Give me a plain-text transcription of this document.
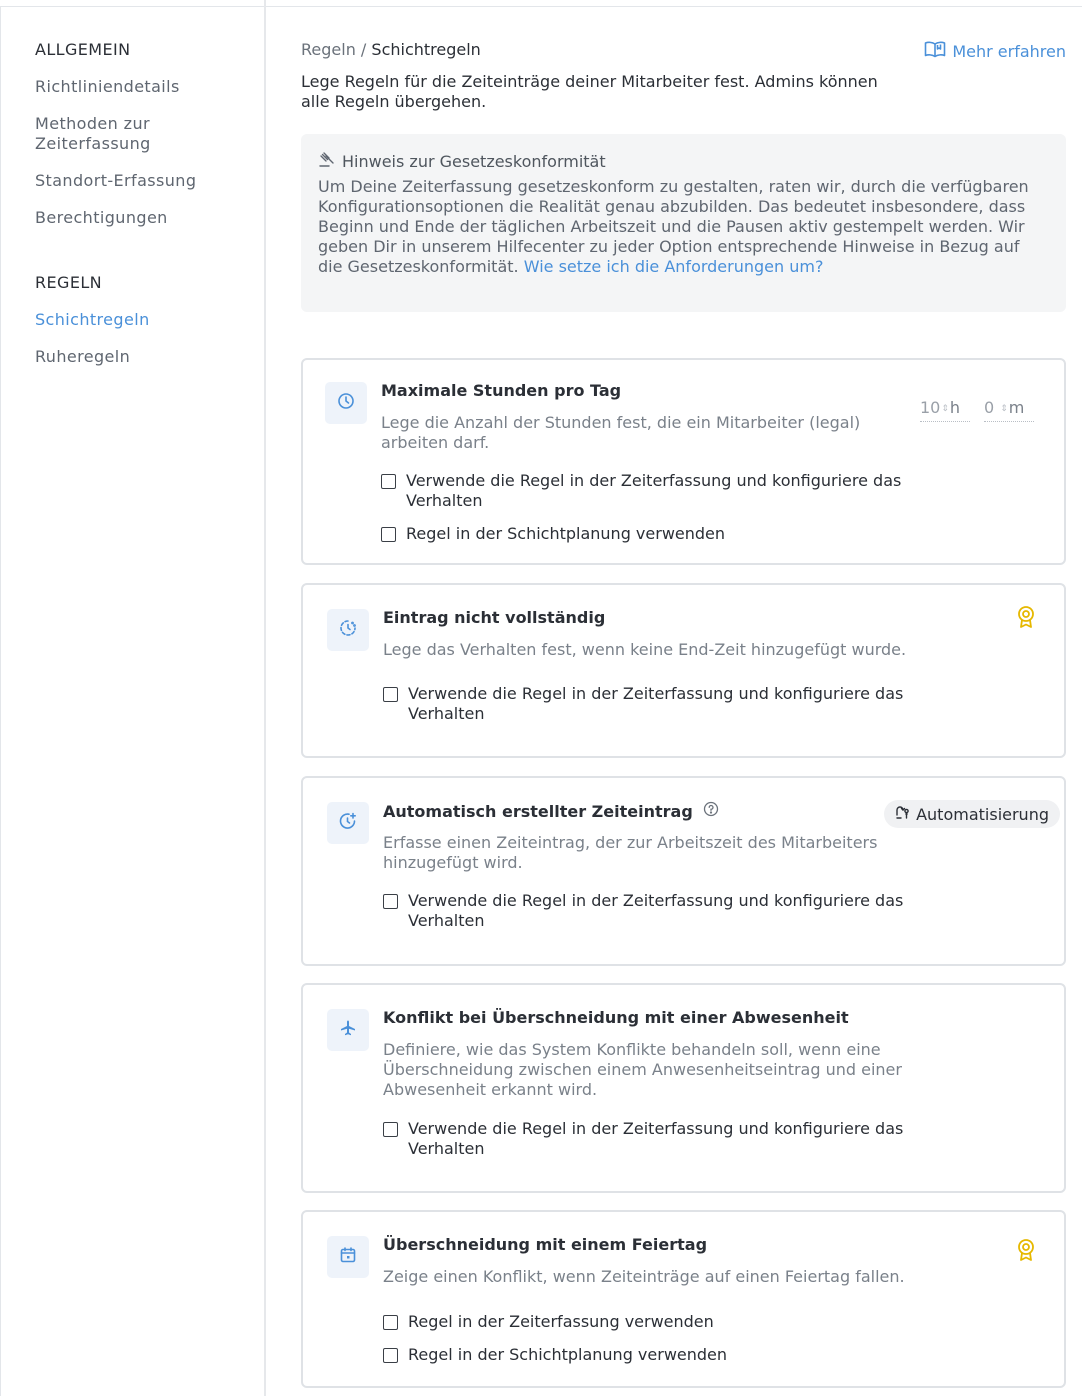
ALLGEMEIN
Richtliniendetails
Methoden zur Zeiterfassung
Standort-Erfassung
Berechtigungen
REGELN
Schichtregeln
Ruheregeln
Regeln / Schichtregeln	Mehr erfahren

Lege Regeln für die Zeiteinträge deiner Mitarbeiter fest. Admins können alle Regeln übergehen.

Hinweis zur Gesetzeskonformität

Um Deine Zeiterfassung gesetzeskonform zu gestalten, raten wir, durch die verfügbaren Konfigurationsoptionen die Realität genau abzubilden. Das bedeutet insbesondere, dass Beginn und Ende der täglichen Arbeitszeit und die Pausen aktiv gestempelt werden. Wir geben Dir in unserem Hilfecenter zu jeder Option entsprechende Hinweise in Bezug auf die Gesetzeskonformität. Wie setze ich die Anforderungen um?

Maximale Stunden pro Tag

Lege die Anzahl der Stunden fest, die ein Mitarbeiter (legal) arbeiten darf.

10 ⇕ h 0 ⇕ m
Verwende die Regel in der Zeiterfassung und konfiguriere das Verhalten
Regel in der Schichtplanung verwenden
Eintrag nicht vollständig

Lege das Verhalten fest, wenn keine End-Zeit hinzugefügt wurde.

Verwende die Regel in der Zeiterfassung und konfiguriere das Verhalten
Automatisch erstellter Zeiteintrag	Automatisierung

Erfasse einen Zeiteintrag, der zur Arbeitszeit des Mitarbeiters hinzugefügt wird.

Verwende die Regel in der Zeiterfassung und konfiguriere das Verhalten
Konflikt bei Überschneidung mit einer Abwesenheit

Definiere, wie das System Konflikte behandeln soll, wenn eine Überschneidung zwischen einem Anwesenheitseintrag und einer Abwesenheit erkannt wird.

Verwende die Regel in der Zeiterfassung und konfiguriere das Verhalten
Überschneidung mit einem Feiertag

Zeige einen Konflikt, wenn Zeiteinträge auf einen Feiertag fallen.

Regel in der Zeiterfassung verwenden
Regel in der Schichtplanung verwenden
